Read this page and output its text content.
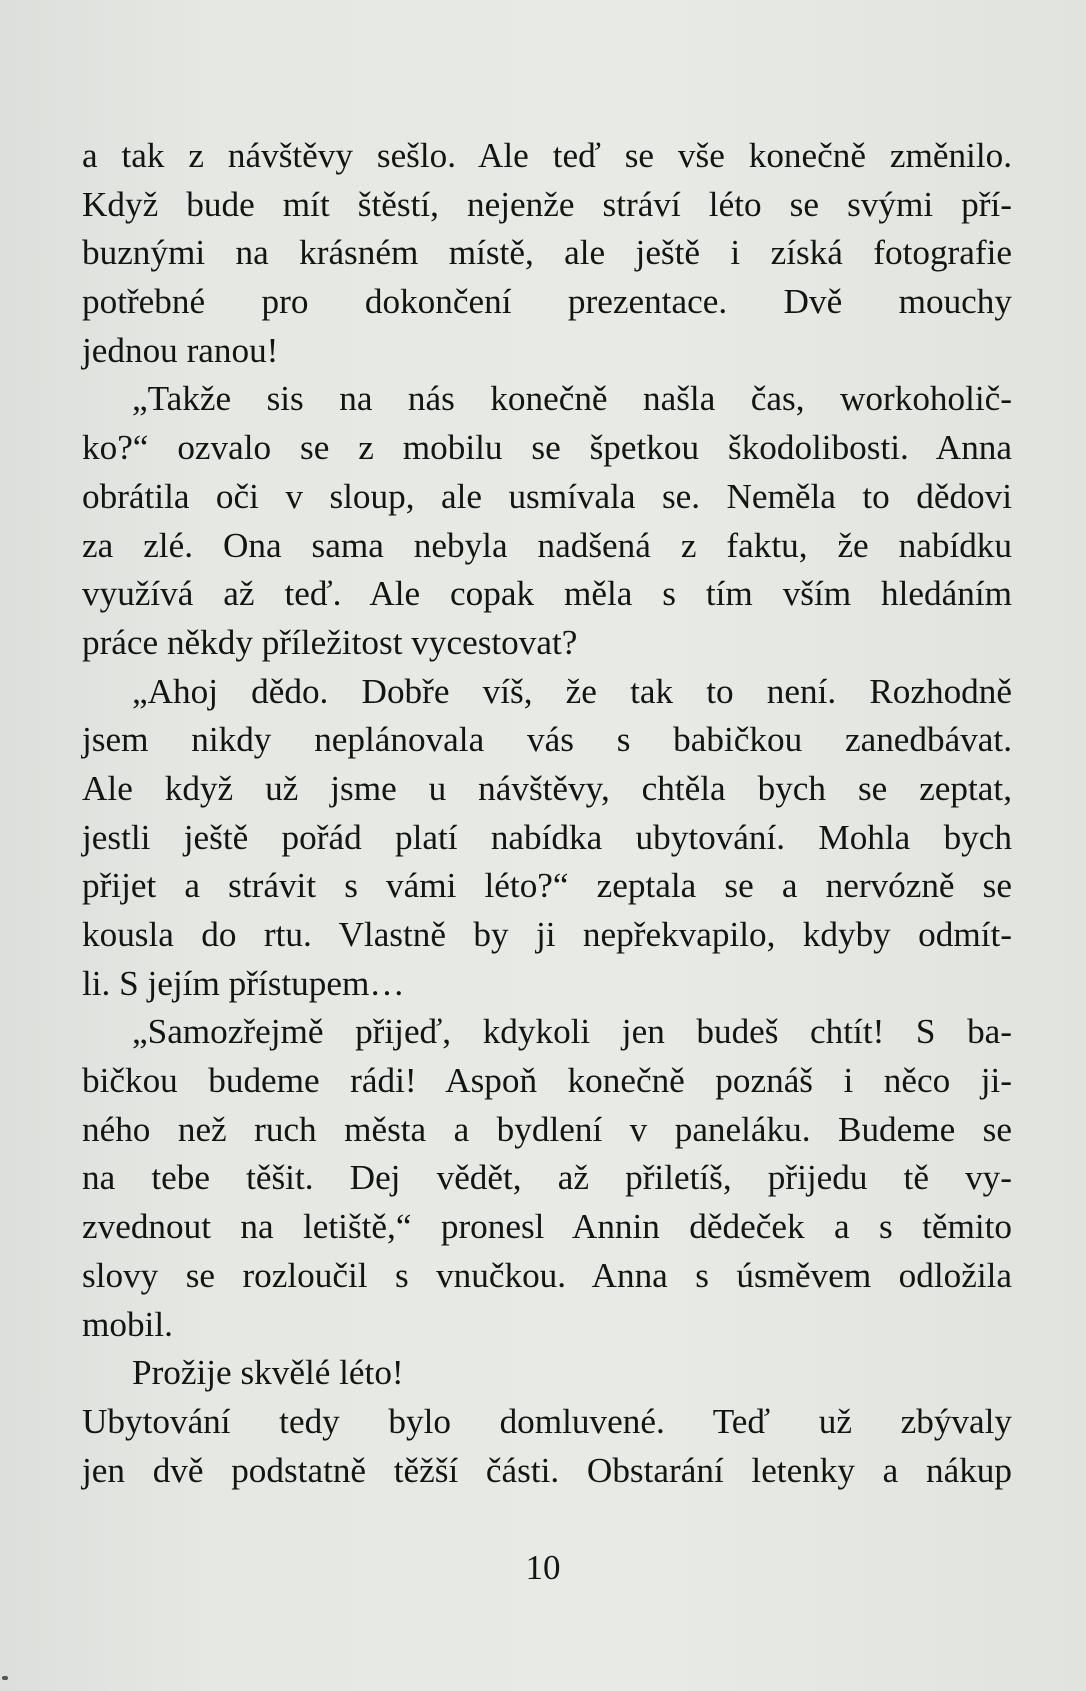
a tak z návštěvy sešlo. Ale teď se vše konečně změnilo.
Když bude mít štěstí, nejenže stráví léto se svými pří-
buznými na krásném místě, ale ještě i získá fotografie
potřebné pro dokončení prezentace. Dvě mouchy
jednou ranou!
„Takže sis na nás konečně našla čas, workoholič-
ko?“ ozvalo se z mobilu se špetkou škodolibosti. Anna
obrátila oči v sloup, ale usmívala se. Neměla to dědovi
za zlé. Ona sama nebyla nadšená z faktu, že nabídku
využívá až teď. Ale copak měla s tím vším hledáním
práce někdy příležitost vycestovat?
„Ahoj dědo. Dobře víš, že tak to není. Rozhodně
jsem nikdy neplánovala vás s babičkou zanedbávat.
Ale když už jsme u návštěvy, chtěla bych se zeptat,
jestli ještě pořád platí nabídka ubytování. Mohla bych
přijet a strávit s vámi léto?“ zeptala se a nervózně se
kousla do rtu. Vlastně by ji nepřekvapilo, kdyby odmít-
li. S jejím přístupem…
„Samozřejmě přijeď, kdykoli jen budeš chtít! S ba-
bičkou budeme rádi! Aspoň konečně poznáš i něco ji-
ného než ruch města a bydlení v paneláku. Budeme se
na tebe těšit. Dej vědět, až přiletíš, přijedu tě vy-
zvednout na letiště,“ pronesl Annin dědeček a s těmito
slovy se rozloučil s vnučkou. Anna s úsměvem odložila
mobil.
Prožije skvělé léto!
Ubytování tedy bylo domluvené. Teď už zbývaly
jen dvě podstatně těžší části. Obstarání letenky a nákup
10
